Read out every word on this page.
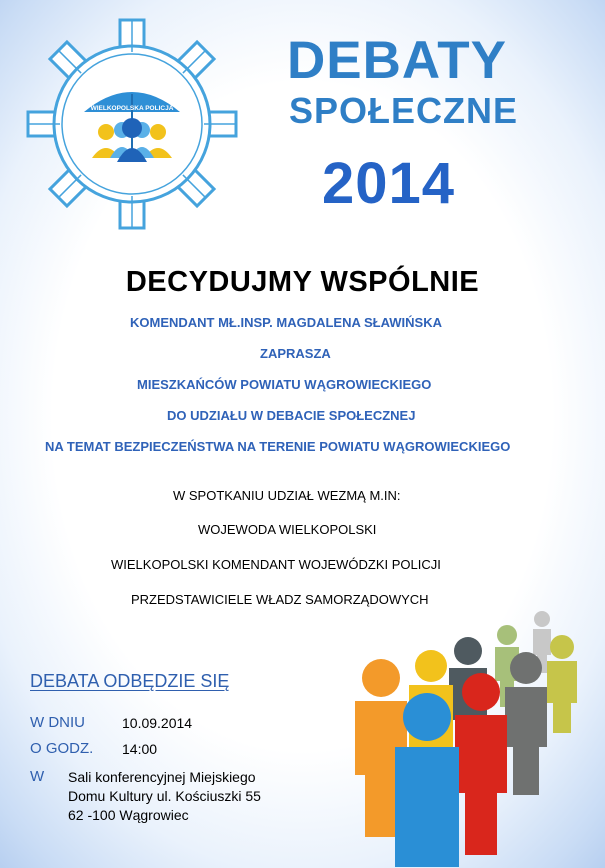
WIELKOPOLSKA POLICJA
DEBATY
SPOŁECZNE
2014
DECYDUJMY WSPÓLNIE
KOMENDANT MŁ.INSP. MAGDALENA SŁAWIŃSKA
ZAPRASZA
MIESZKAŃCÓW POWIATU WĄGROWIECKIEGO
DO UDZIAŁU W DEBACIE SPOŁECZNEJ
NA TEMAT BEZPIECZEŃSTWA NA TERENIE POWIATU WĄGROWIECKIEGO
W SPOTKANIU UDZIAŁ WEZMĄ M.IN:
WOJEWODA WIELKOPOLSKI
WIELKOPOLSKI KOMENDANT WOJEWÓDZKI POLICJI
PRZEDSTAWICIELE WŁADZ SAMORZĄDOWYCH
DEBATA ODBĘDZIE SIĘ
W DNIU	10.09.2014
O GODZ. 14:00
W Sali konferencyjnej Miejskiego
Domu Kultury ul. Kościuszki 55
62 -100 Wągrowiec
